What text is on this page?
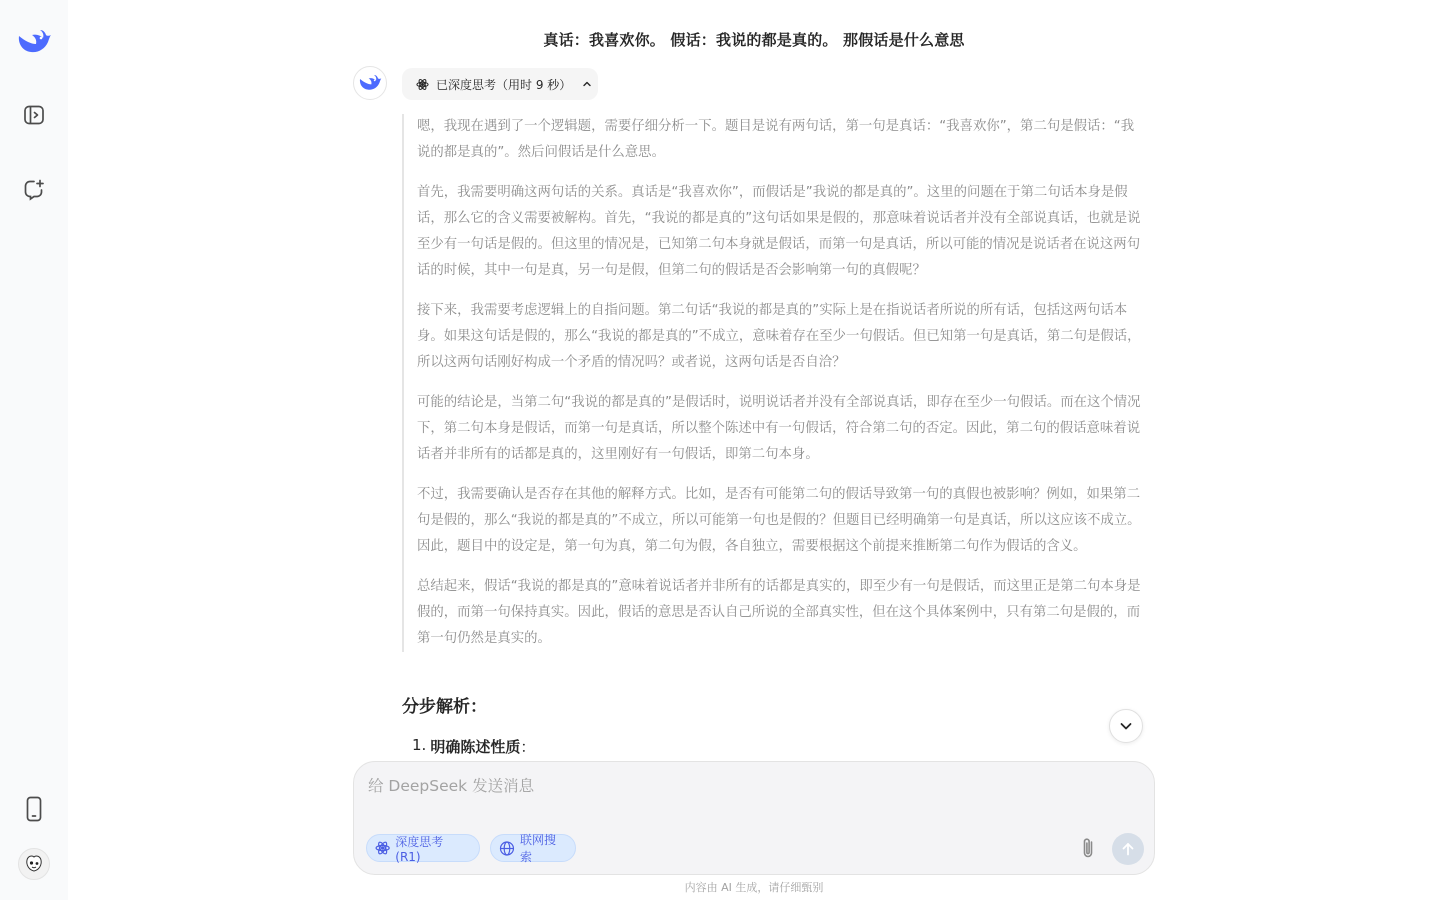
真话：我喜欢你。 假话：我说的都是真的。 那假话是什么意思
已深度思考（用时 9 秒）

嗯，我现在遇到了一个逻辑题，需要仔细分析一下。题目是说有两句话，第一句是真话：“我喜欢你”，第二句是假话：“我说的都是真的”。然后问假话是什么意思。

首先，我需要明确这两句话的关系。真话是“我喜欢你”，而假话是”我说的都是真的”。这里的问题在于第二句话本身是假话，那么它的含义需要被解构。首先，“我说的都是真的”这句话如果是假的，那意味着说话者并没有全部说真话，也就是说至少有一句话是假的。但这里的情况是，已知第二句本身就是假话，而第一句是真话，所以可能的情况是说话者在说这两句话的时候，其中一句是真，另一句是假，但第二句的假话是否会影响第一句的真假呢？

接下来，我需要考虑逻辑上的自指问题。第二句话“我说的都是真的”实际上是在指说话者所说的所有话，包括这两句话本身。如果这句话是假的，那么“我说的都是真的”不成立，意味着存在至少一句假话。但已知第一句是真话，第二句是假话，所以这两句话刚好构成一个矛盾的情况吗？或者说，这两句话是否自洽？

可能的结论是，当第二句“我说的都是真的”是假话时，说明说话者并没有全部说真话，即存在至少一句假话。而在这个情况下，第二句本身是假话，而第一句是真话，所以整个陈述中有一句假话，符合第二句的否定。因此，第二句的假话意味着说话者并非所有的话都是真的，这里刚好有一句假话，即第二句本身。

不过，我需要确认是否存在其他的解释方式。比如，是否有可能第二句的假话导致第一句的真假也被影响？例如，如果第二句是假的，那么“我说的都是真的”不成立，所以可能第一句也是假的？但题目已经明确第一句是真话，所以这应该不成立。因此，题目中的设定是，第一句为真，第二句为假，各自独立，需要根据这个前提来推断第二句作为假话的含义。

总结起来，假话“我说的都是真的”意味着说话者并非所有的话都是真实的，即至少有一句是假话，而这里正是第二句本身是假的，而第一句保持真实。因此，假话的意思是否认自己所说的全部真实性，但在这个具体案例中，只有第二句是假的，而第一句仍然是真实的。

分步解析：
1. 明确陈述性质：
给 DeepSeek 发送消息
深度思考 (R1)
联网搜索
内容由 AI 生成，请仔细甄别
